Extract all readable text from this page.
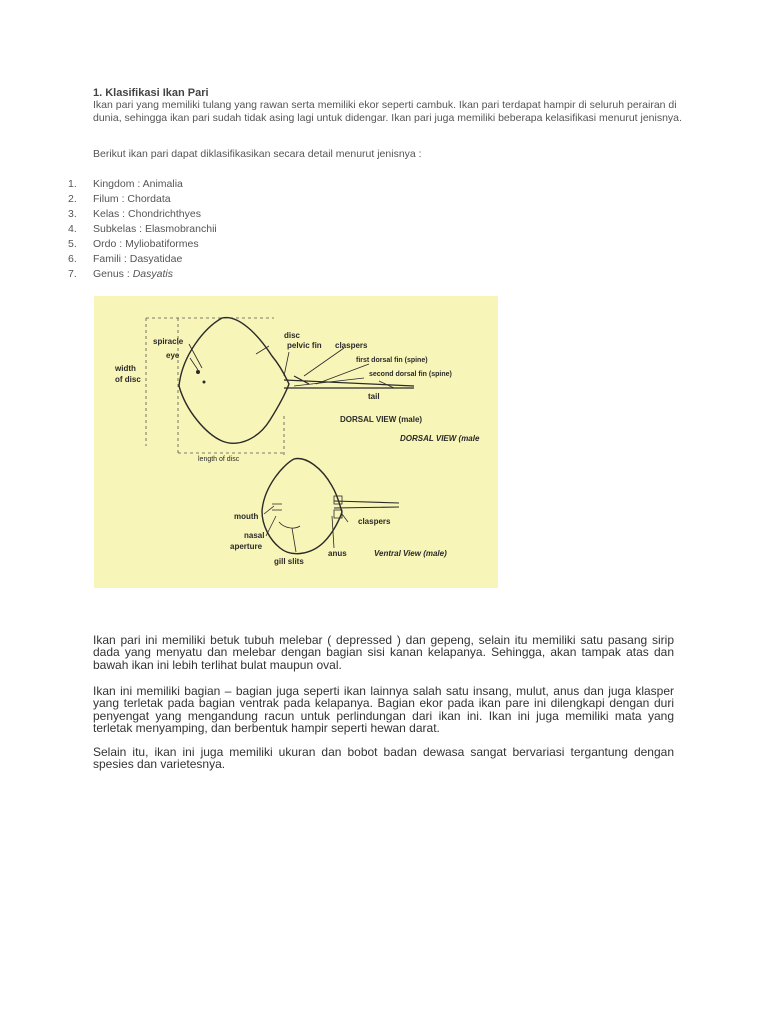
1. Klasifikasi Ikan Pari
Ikan pari yang memiliki tulang yang rawan serta memiliki ekor seperti cambuk. Ikan pari terdapat hampir di seluruh perairan di dunia, sehingga ikan pari sudah tidak asing lagi untuk didengar. Ikan pari juga memiliki beberapa kelasifikasi menurut jenisnya.
Berikut ikan pari dapat diklasifikasikan secara detail menurut jenisnya :
1.	Kingdom : Animalia
2.	Filum : Chordata
3.	Kelas : Chondrichthyes
4.	Subkelas : Elasmobranchii
5.	Ordo : Myliobatiformes
6.	Famili : Dasyatidae
7.	Genus : Dasyatis
spiracle
eye
width
of disc
disc
pelvic fin claspers
first dorsal fin (spine)
second dorsal fin (spine)
tail
DORSAL VIEW (male)
DORSAL VIEW (male
length of disc
mouth
nasal
aperture
gill slits
anus
claspers
Ventral View (male)

Ikan pari ini memiliki betuk tubuh melebar ( depressed ) dan gepeng, selain itu memiliki satu pasang sirip dada yang menyatu dan melebar dengan bagian sisi kanan kelapanya. Sehingga, akan tampak atas dan bawah ikan ini lebih terlihat bulat maupun oval.

Ikan ini memiliki bagian – bagian juga seperti ikan lainnya salah satu insang, mulut, anus dan juga klasper yang terletak pada bagian ventrak pada kelapanya. Bagian ekor pada ikan pare ini dilengkapi dengan duri penyengat yang mengandung racun untuk perlindungan dari ikan ini. Ikan ini juga memiliki mata yang terletak menyamping, dan berbentuk hampir seperti hewan darat.

Selain itu, ikan ini juga memiliki ukuran dan bobot badan dewasa sangat bervariasi tergantung dengan spesies dan varietesnya.
